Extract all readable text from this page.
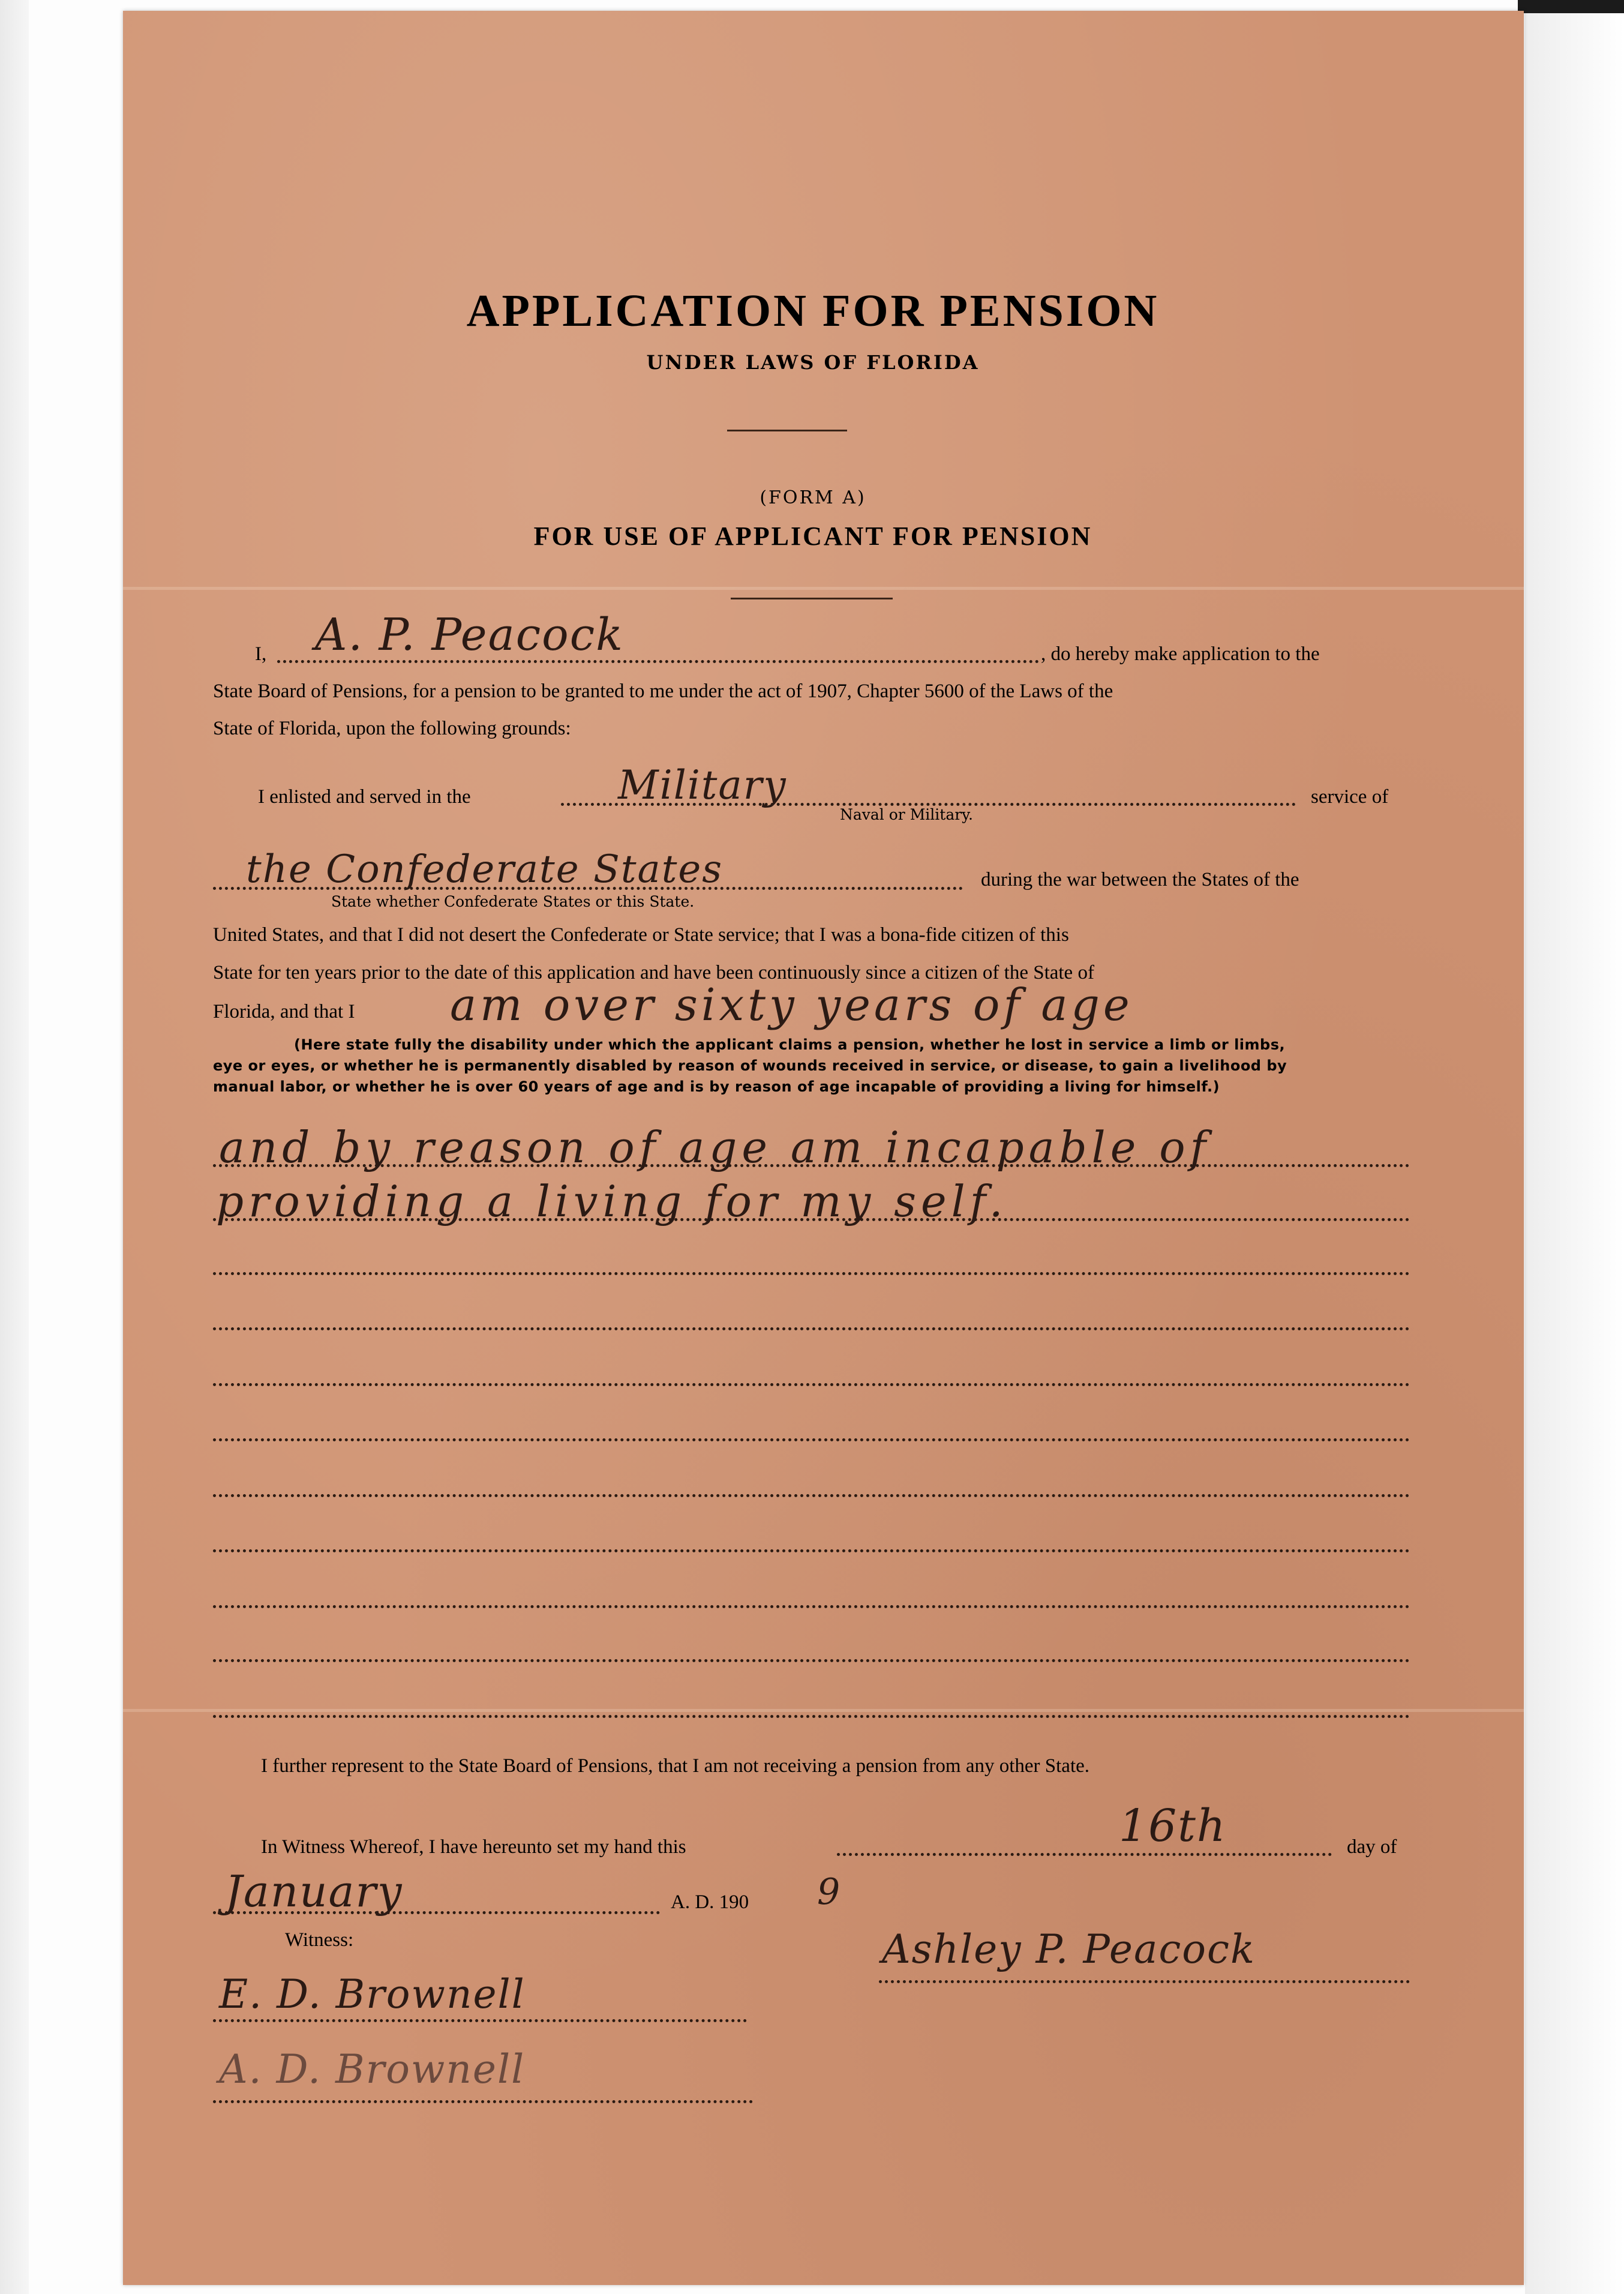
APPLICATION FOR PENSION
UNDER LAWS OF FLORIDA
(FORM A)
FOR USE OF APPLICANT FOR PENSION
I, A. P. Peacock	, do hereby make application to the
State Board of Pensions, for a pension to be granted to me under the act of 1907, Chapter 5600 of the Laws of the
State of Florida, upon the following grounds:
I enlisted and served in the	Military
Naval or Military.
service of
the Confederate States
State whether Confederate States or this State.
during the war between the States of the
United States, and that I did not desert the Confederate or State service; that I was a bona-fide citizen of this
State for ten years prior to the date of this application and have been continuously since a citizen of the State of
Florida, and that I am over sixty years of age
(Here state fully the disability under which the applicant claims a pension, whether he lost in service a limb or limbs,
eye or eyes, or whether he is permanently disabled by reason of wounds received in service, or disease, to gain a livelihood by
manual labor, or whether he is over 60 years of age and is by reason of age incapable of providing a living for himself.)
and by reason of age am incapable of
providing a living for my self.
I further represent to the State Board of Pensions, that I am not receiving a pension from any other State.
In Witness Whereof, I have hereunto set my hand this	16th	day of
January	A. D. 190 9
Witness:	Ashley P. Peacock
E. D. Brownell
A. D. Brownell
